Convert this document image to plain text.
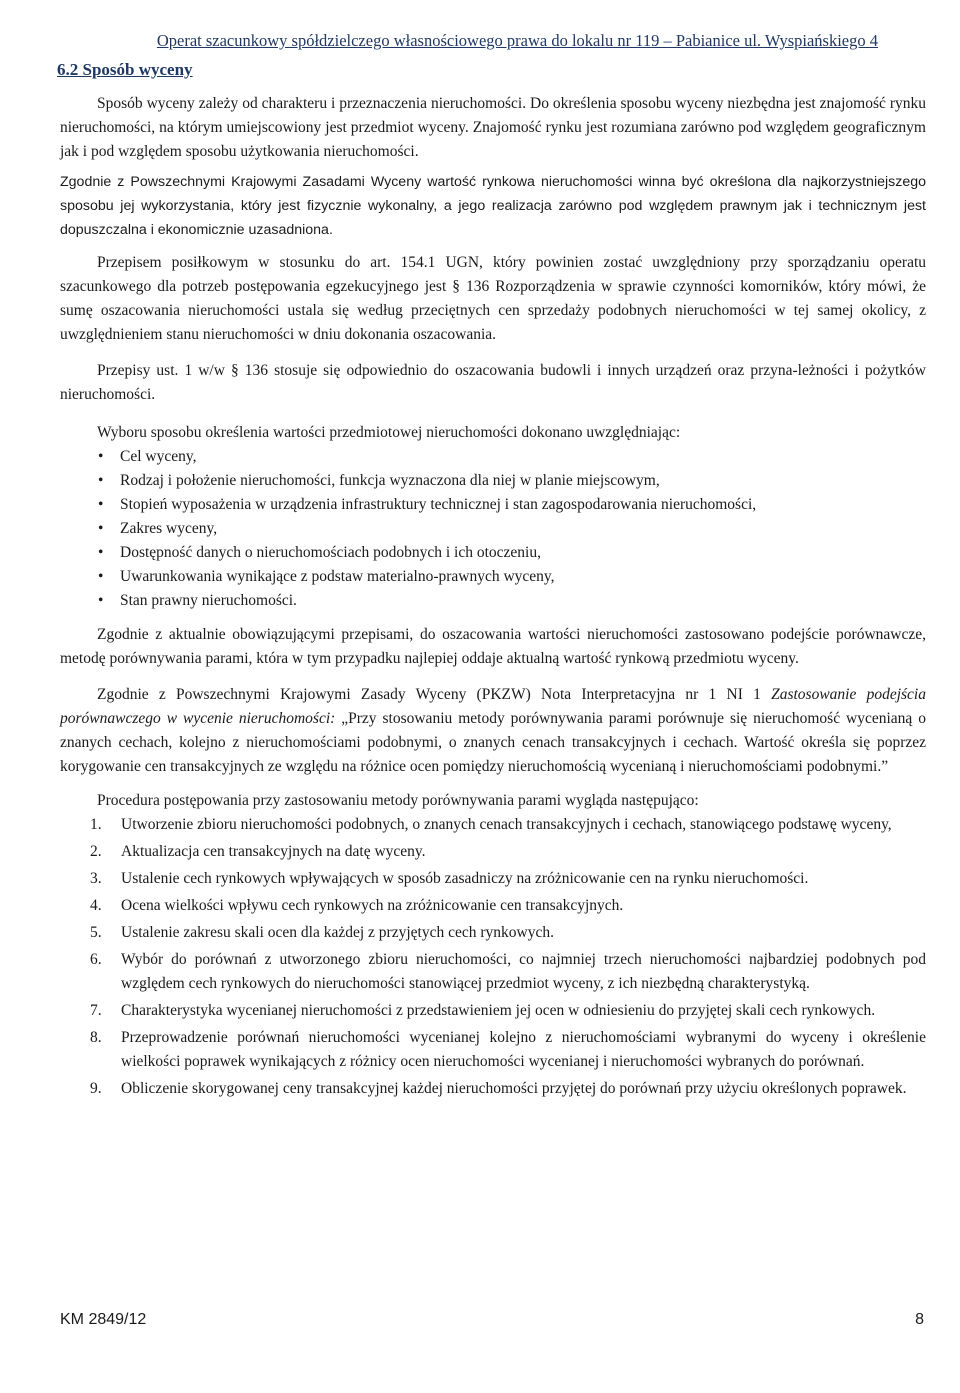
Operat szacunkowy spółdzielczego własnościowego prawa do lokalu nr 119 – Pabianice ul. Wyspiańskiego 4
6.2 Sposób wyceny

Sposób wyceny zależy od charakteru i przeznaczenia nieruchomości. Do określenia sposobu wyceny niezbędna jest znajomość rynku nieruchomości, na którym umiejscowiony jest przedmiot wyceny. Znajomość rynku jest rozumiana zarówno pod względem geograficznym jak i pod względem sposobu użytkowania nieruchomości.

Zgodnie z Powszechnymi Krajowymi Zasadami Wyceny wartość rynkowa nieruchomości winna być określona dla najkorzystniejszego sposobu jej wykorzystania, który jest fizycznie wykonalny, a jego realizacja zarówno pod względem prawnym jak i technicznym jest dopuszczalna i ekonomicznie uzasadniona.

Przepisem posiłkowym w stosunku do art. 154.1 UGN, który powinien zostać uwzględniony przy sporządzaniu operatu szacunkowego dla potrzeb postępowania egzekucyjnego jest § 136 Rozporządzenia w sprawie czynności komorników, który mówi, że sumę oszacowania nieruchomości ustala się według przeciętnych cen sprzedaży podobnych nieruchomości w tej samej okolicy, z uwzględnieniem stanu nieruchomości w dniu dokonania oszacowania.

Przepisy ust. 1 w/w § 136 stosuje się odpowiednio do oszacowania budowli i innych urządzeń oraz przyna-leżności i pożytków nieruchomości.

Wyboru sposobu określenia wartości przedmiotowej nieruchomości dokonano uwzględniając:

• Cel wyceny,
• Rodzaj i położenie nieruchomości, funkcja wyznaczona dla niej w planie miejscowym,
• Stopień wyposażenia w urządzenia infrastruktury technicznej i stan zagospodarowania nieruchomości,
• Zakres wyceny,
• Dostępność danych o nieruchomościach podobnych i ich otoczeniu,
• Uwarunkowania wynikające z podstaw materialno-prawnych wyceny,
• Stan prawny nieruchomości.

Zgodnie z aktualnie obowiązującymi przepisami, do oszacowania wartości nieruchomości zastosowano podejście porównawcze, metodę porównywania parami, która w tym przypadku najlepiej oddaje aktualną wartość rynkową przedmiotu wyceny.

Zgodnie z Powszechnymi Krajowymi Zasady Wyceny (PKZW) Nota Interpretacyjna nr 1 NI 1 Zastosowanie podejścia porównawczego w wycenie nieruchomości: „Przy stosowaniu metody porównywania parami porównuje się nieruchomość wycenianą o znanych cechach, kolejno z nieruchomościami podobnymi, o znanych cenach transakcyjnych i cechach. Wartość określa się poprzez korygowanie cen transakcyjnych ze względu na różnice ocen pomiędzy nieruchomością wycenianą i nieruchomościami podobnymi.”

Procedura postępowania przy zastosowaniu metody porównywania parami wygląda następująco:

1.	Utworzenie zbioru nieruchomości podobnych, o znanych cenach transakcyjnych i cechach, stanowiącego podstawę wyceny,
2.	Aktualizacja cen transakcyjnych na datę wyceny.
3.	Ustalenie cech rynkowych wpływających w sposób zasadniczy na zróżnicowanie cen na rynku nieruchomości.
4.	Ocena wielkości wpływu cech rynkowych na zróżnicowanie cen transakcyjnych.
5.	Ustalenie zakresu skali ocen dla każdej z przyjętych cech rynkowych.
6.	Wybór do porównań z utworzonego zbioru nieruchomości, co najmniej trzech nieruchomości najbardziej podobnych pod względem cech rynkowych do nieruchomości stanowiącej przedmiot wyceny, z ich niezbędną charakterystyką.
7.	Charakterystyka wycenianej nieruchomości z przedstawieniem jej ocen w odniesieniu do przyjętej skali cech rynkowych.
8.	Przeprowadzenie porównań nieruchomości wycenianej kolejno z nieruchomościami wybranymi do wyceny i określenie wielkości poprawek wynikających z różnicy ocen nieruchomości wycenianej i nieruchomości wybranych do porównań.
9.	Obliczenie skorygowanej ceny transakcyjnej każdej nieruchomości przyjętej do porównań przy użyciu określonych poprawek.
KM 2849/12	8
